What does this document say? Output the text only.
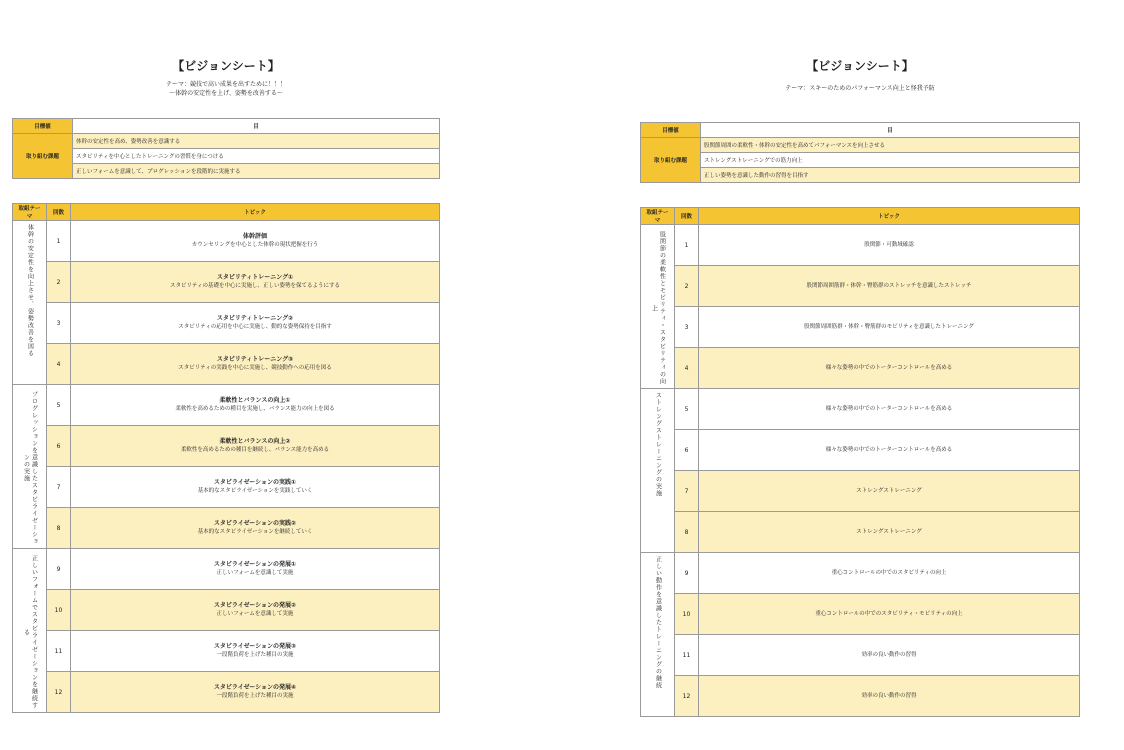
【ビジョンシート】
テーマ：競技で高い成果を出すために！！！
〜体幹の安定性を上げ、姿勢を改善する〜
目標値	目
取り組む課題	体幹の安定性を高め、姿勢改善を意識する
	スタビリティを中心としたトレーニングの習慣を身につける
	正しいフォームを意識して、プログレッションを段階的に実施する
取組テーマ	回数	トピック
体幹の安定性を向上させ、姿勢改善を図る	1	体幹評価
カウンセリングを中心とした体幹の現状把握を行う
	2	スタビリティトレーニング①
スタビリティの基礎を中心に実施し、正しい姿勢を保てるようにする
	3	スタビリティトレーニング②
スタビリティの応用を中心に実施し、動的な姿勢保持を目指す
	4	スタビリティトレーニング③
スタビリティの実践を中心に実施し、競技動作への応用を図る
プログレッションを意識したスタビライゼーションの実施	5	柔軟性とバランスの向上①
柔軟性を高めるための種目を実施し、バランス能力の向上を図る
	6	柔軟性とバランスの向上②
柔軟性を高めるための種目を継続し、バランス能力を高める
	7	スタビライゼーションの実践①
基本的なスタビライゼーションを実践していく
	8	スタビライゼーションの実践②
基本的なスタビライゼーションを継続していく
正しいフォームでスタビライゼーションを継続する	9	スタビライゼーションの発展①
正しいフォームを意識して実施
	10	スタビライゼーションの発展②
正しいフォームを意識して実施
	11	スタビライゼーションの発展③
一段階負荷を上げた種目の実施
	12	スタビライゼーションの発展④
一段階負荷を上げた種目の実施
【ビジョンシート】
テーマ：スキーのためのパフォーマンス向上と怪我予防
目標値	目
取り組む課題	股関節周囲の柔軟性・体幹の安定性を高めてパフォーマンスを向上させる
	ストレングストレーニングでの筋力向上
	正しい姿勢を意識した動作の習得を目指す
取組テーマ	回数	トピック
股関節の柔軟性とモビリティ・スタビリティの向上	1	股関節・可動域確認
	2	股関節周囲筋群・体幹・臀筋群のストレッチを意識したストレッチ
	3	股関節周囲筋群・体幹・臀筋群のモビリティを意識したトレーニング
	4	様々な姿勢の中でのトーターコントロールを高める
ストレングストレーニングの実施	5	様々な姿勢の中でのトーターコントロールを高める
	6	様々な姿勢の中でのトーターコントロールを高める
	7	ストレングストレーニング
	8	ストレングストレーニング
正しい動作を意識したトレーニングの継続	9	重心コントロールの中でのスタビリティの向上
	10	重心コントロールの中でのスタビリティ・モビリティの向上
	11	効率の良い動作の習得
	12	効率の良い動作の習得
